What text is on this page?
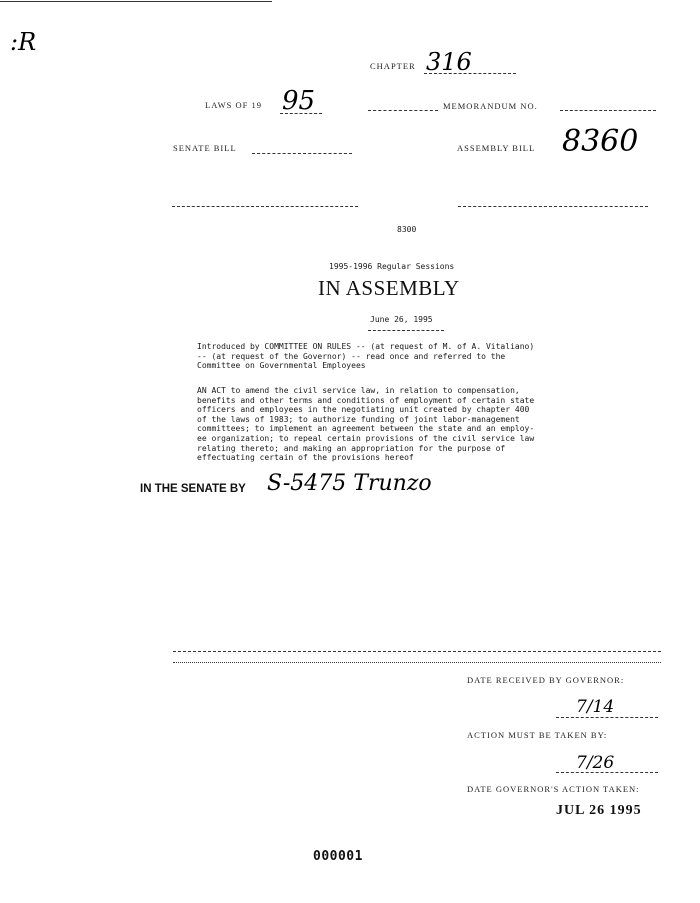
:R
CHAPTER 316
LAWS OF 19 95	MEMORANDUM NO.
SENATE BILL	ASSEMBLY BILL 8360
8300
1995-1996 Regular Sessions
IN ASSEMBLY
June 26, 1995
Introduced by COMMITTEE ON RULES -- (at request of M. of A. Vitaliano)
-- (at request of the Governor) -- read once and referred to the
Committee on Governmental Employees
AN ACT to amend the civil service law, in relation to compensation,
benefits and other terms and conditions of employment of certain state
officers and employees in the negotiating unit created by chapter 400
of the laws of 1983; to authorize funding of joint labor-management
committees; to implement an agreement between the state and an employ-
ee organization; to repeal certain provisions of the civil service law
relating thereto; and making an appropriation for the purpose of
effectuating certain of the provisions hereof
IN THE SENATE BY S-5475 Trunzo
DATE RECEIVED BY GOVERNOR:
7/14
ACTION MUST BE TAKEN BY:
7/26
DATE GOVERNOR'S ACTION TAKEN:
JUL 26 1995
000001
